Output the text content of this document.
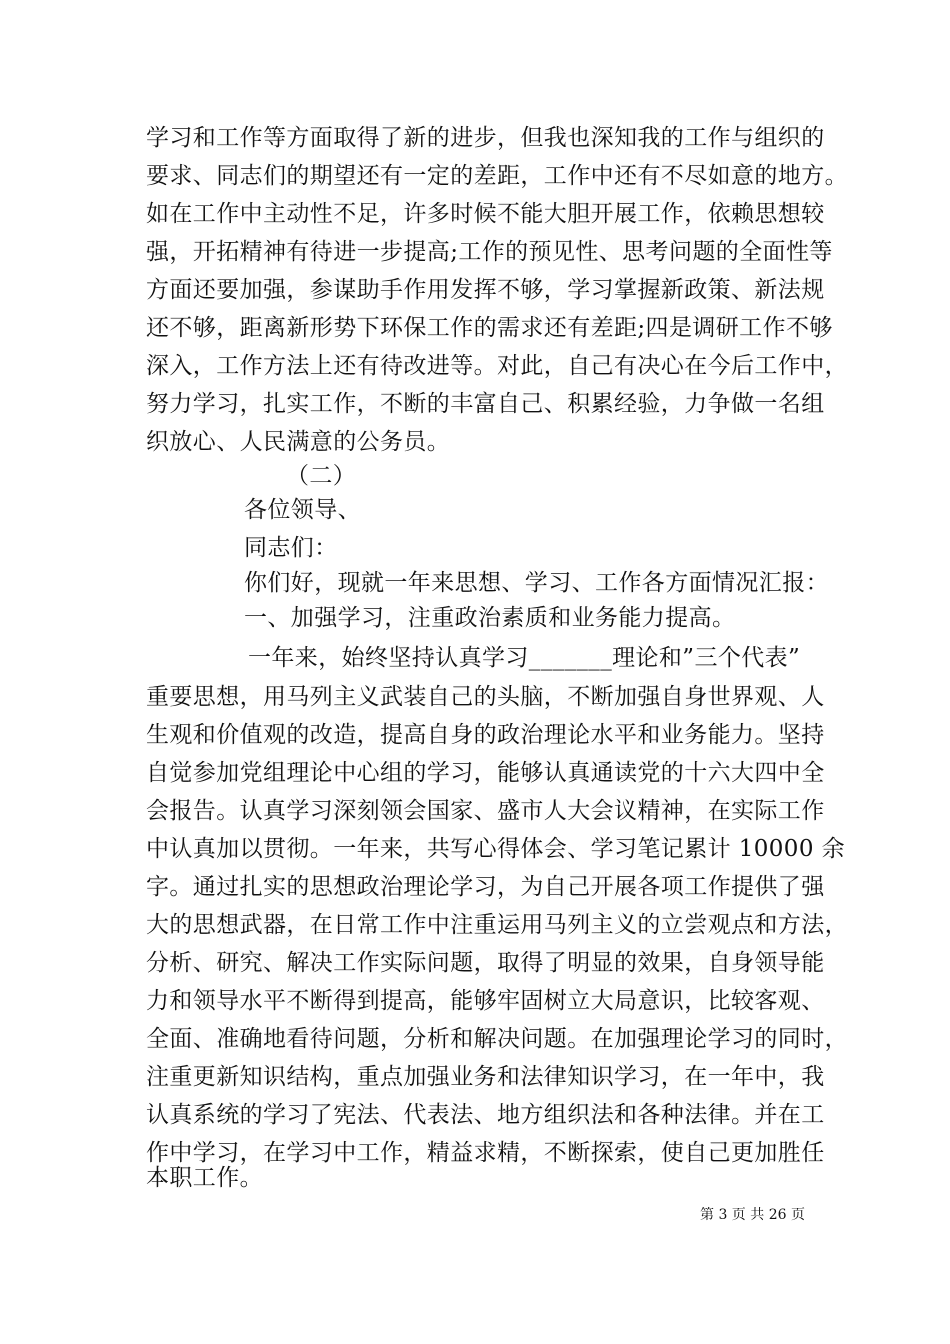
学习和工作等方面取得了新的进步，但我也深知我的工作与组织的
要求、同志们的期望还有一定的差距，工作中还有不尽如意的地方。
如在工作中主动性不足，许多时候不能大胆开展工作，依赖思想较
强，开拓精神有待进一步提高;工作的预见性、思考问题的全面性等
方面还要加强，参谋助手作用发挥不够，学习掌握新政策、新法规
还不够，距离新形势下环保工作的需求还有差距;四是调研工作不够
深入，工作方法上还有待改进等。对此，自己有决心在今后工作中，
努力学习，扎实工作，不断的丰富自己、积累经验，力争做一名组
织放心、人民满意的公务员。
（二）
各位领导、
同志们：
你们好，现就一年来思想、学习、工作各方面情况汇报：
一、加强学习，注重政治素质和业务能力提高。
一年来，始终坚持认真学习_______理论和”三个代表”
重要思想，用马列主义武装自己的头脑，不断加强自身世界观、人
生观和价值观的改造，提高自身的政治理论水平和业务能力。坚持
自觉参加党组理论中心组的学习，能够认真通读党的十六大四中全
会报告。认真学习深刻领会国家、盛市人大会议精神，在实际工作
中认真加以贯彻。一年来，共写心得体会、学习笔记累计 10000 余
字。通过扎实的思想政治理论学习，为自己开展各项工作提供了强
大的思想武器，在日常工作中注重运用马列主义的立尝观点和方法，
分析、研究、解决工作实际问题，取得了明显的效果，自身领导能
力和领导水平不断得到提高，能够牢固树立大局意识，比较客观、
全面、准确地看待问题，分析和解决问题。在加强理论学习的同时，
注重更新知识结构，重点加强业务和法律知识学习，在一年中，我
认真系统的学习了宪法、代表法、地方组织法和各种法律。并在工
作中学习，在学习中工作，精益求精，不断探索，使自己更加胜任
本职工作。
第 3 页 共 26 页
